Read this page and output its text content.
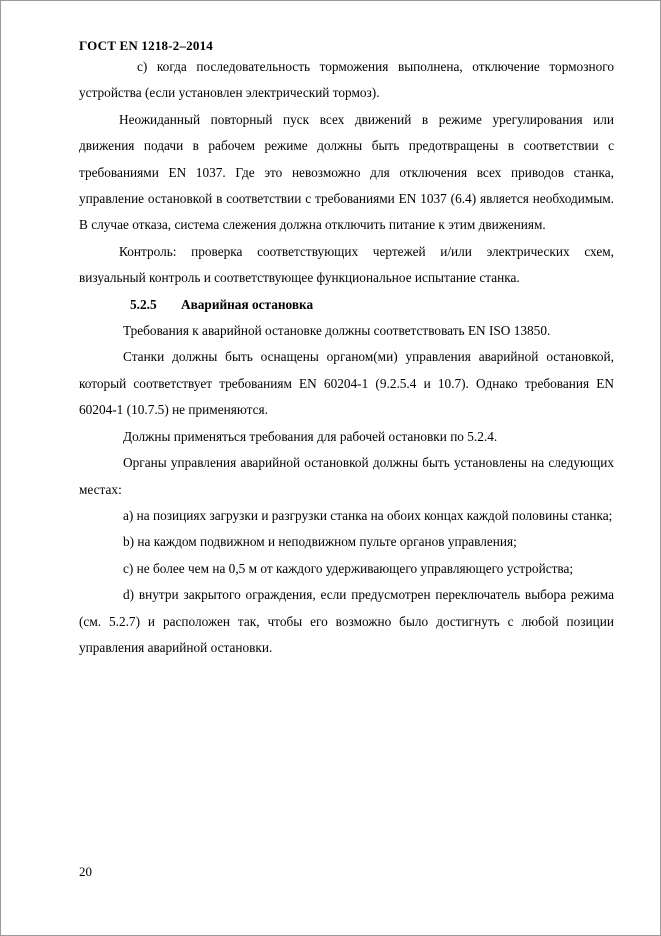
ГОСТ EN 1218-2–2014

с) когда последовательность торможения выполнена, отключение тормозного устройства (если установлен электрический тормоз).

Неожиданный повторный пуск всех движений в режиме урегулирования или движения подачи в рабочем режиме должны быть предотвращены в соответствии с требованиями EN 1037. Где это невозможно для отключения всех приводов станка, управление остановкой в соответствии с требованиями EN 1037 (6.4) является необходимым. В случае отказа, система слежения должна отключить питание к этим движениям.

Контроль: проверка соответствующих чертежей и/или электрических схем, визуальный контроль и соответствующее функциональное испытание станка.

5.2.5 Аварийная остановка

Требования к аварийной остановке должны соответствовать EN ISO 13850.

Станки должны быть оснащены органом(ми) управления аварийной остановкой, который соответствует требованиям EN 60204-1 (9.2.5.4 и 10.7). Однако требования EN 60204-1 (10.7.5) не применяются.

Должны применяться требования для рабочей остановки по 5.2.4.

Органы управления аварийной остановкой должны быть установлены на следующих местах:

a) на позициях загрузки и разгрузки станка на обоих концах каждой половины станка;

b) на каждом подвижном и неподвижном пульте органов управления;

c) не более чем на 0,5 м от каждого удерживающего управляющего устройства;

d) внутри закрытого ограждения, если предусмотрен переключатель выбора режима (см. 5.2.7) и расположен так, чтобы его возможно было достигнуть с любой позиции управления аварийной остановки.

20
